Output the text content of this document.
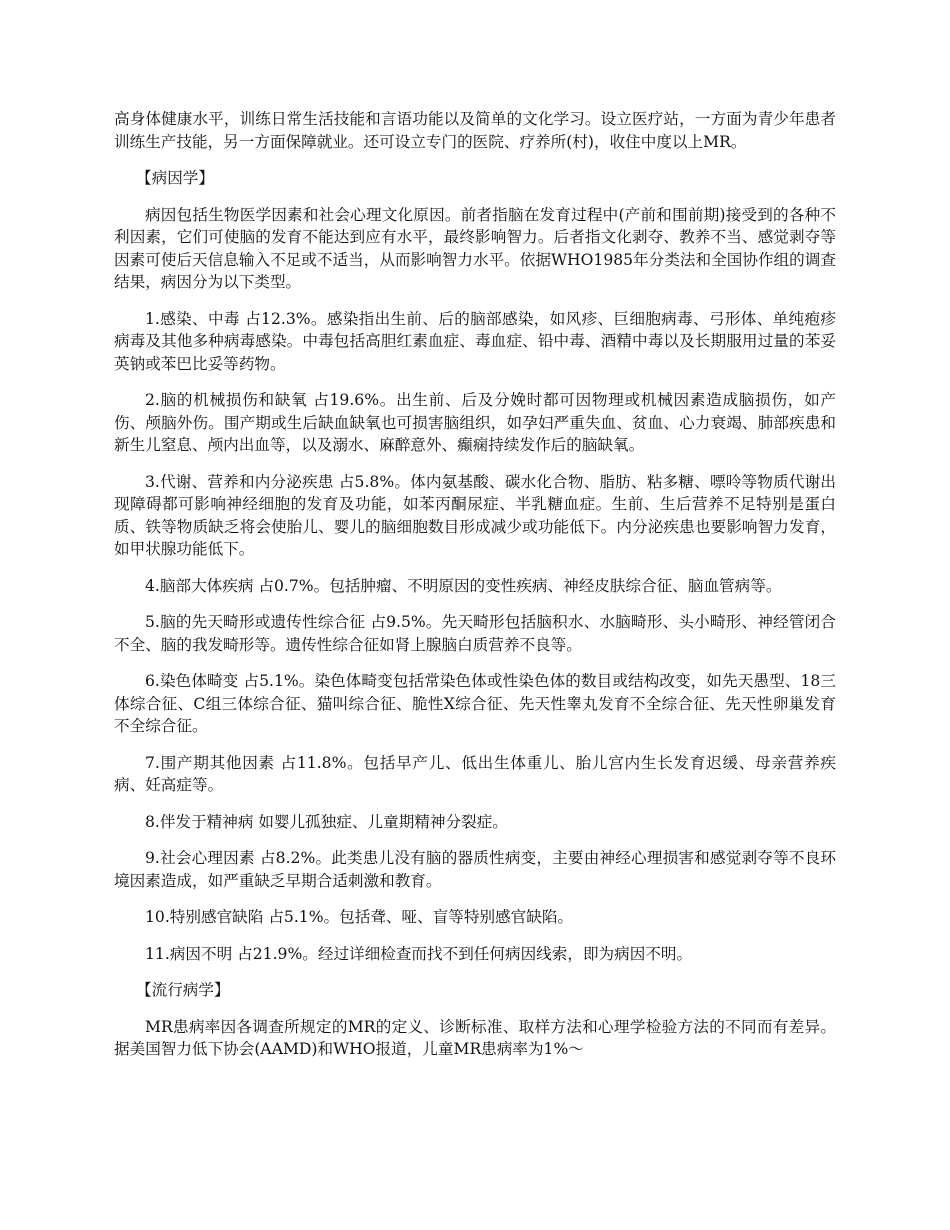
高身体健康水平，训练日常生活技能和言语功能以及简单的文化学习。设立医疗站，一方面为青少年患者训练生产技能，另一方面保障就业。还可设立专门的医院、疗养所(村)，收住中度以上MR。

【病因学】

病因包括生物医学因素和社会心理文化原因。前者指脑在发育过程中(产前和围前期)接受到的各种不利因素，它们可使脑的发育不能达到应有水平，最终影响智力。后者指文化剥夺、教养不当、感觉剥夺等因素可使后天信息输入不足或不适当，从而影响智力水平。依据WHO1985年分类法和全国协作组的调查结果，病因分为以下类型。

1.感染、中毒 占12.3%。感染指出生前、后的脑部感染，如风疹、巨细胞病毒、弓形体、单纯疱疹病毒及其他多种病毒感染。中毒包括高胆红素血症、毒血症、铅中毒、酒精中毒以及长期服用过量的苯妥英钠或苯巴比妥等药物。

2.脑的机械损伤和缺氧 占19.6%。出生前、后及分娩时都可因物理或机械因素造成脑损伤，如产伤、颅脑外伤。围产期或生后缺血缺氧也可损害脑组织，如孕妇严重失血、贫血、心力衰竭、肺部疾患和新生儿窒息、颅内出血等，以及溺水、麻醉意外、癫痫持续发作后的脑缺氧。

3.代谢、营养和内分泌疾患 占5.8%。体内氨基酸、碳水化合物、脂肪、粘多糖、嘌呤等物质代谢出现障碍都可影响神经细胞的发育及功能，如苯丙酮尿症、半乳糖血症。生前、生后营养不足特别是蛋白质、铁等物质缺乏将会使胎儿、婴儿的脑细胞数目形成减少或功能低下。内分泌疾患也要影响智力发育，如甲状腺功能低下。

4.脑部大体疾病 占0.7%。包括肿瘤、不明原因的变性疾病、神经皮肤综合征、脑血管病等。

5.脑的先天畸形或遗传性综合征 占9.5%。先天畸形包括脑积水、水脑畸形、头小畸形、神经管闭合不全、脑的我发畸形等。遗传性综合征如肾上腺脑白质营养不良等。

6.染色体畸变 占5.1%。染色体畸变包括常染色体或性染色体的数目或结构改变，如先天愚型、18三体综合征、C组三体综合征、猫叫综合征、脆性X综合征、先天性睾丸发育不全综合征、先天性卵巢发育不全综合征。

7.围产期其他因素 占11.8%。包括早产儿、低出生体重儿、胎儿宫内生长发育迟缓、母亲营养疾病、妊高症等。

8.伴发于精神病 如婴儿孤独症、儿童期精神分裂症。

9.社会心理因素 占8.2%。此类患儿没有脑的器质性病变，主要由神经心理损害和感觉剥夺等不良环境因素造成，如严重缺乏早期合适刺激和教育。

10.特别感官缺陷 占5.1%。包括聋、哑、盲等特别感官缺陷。

11.病因不明 占21.9%。经过详细检查而找不到任何病因线索，即为病因不明。

【流行病学】

MR患病率因各调查所规定的MR的定义、诊断标准、取样方法和心理学检验方法的不同而有差异。据美国智力低下协会(AAMD)和WHO报道，儿童MR患病率为1%～
